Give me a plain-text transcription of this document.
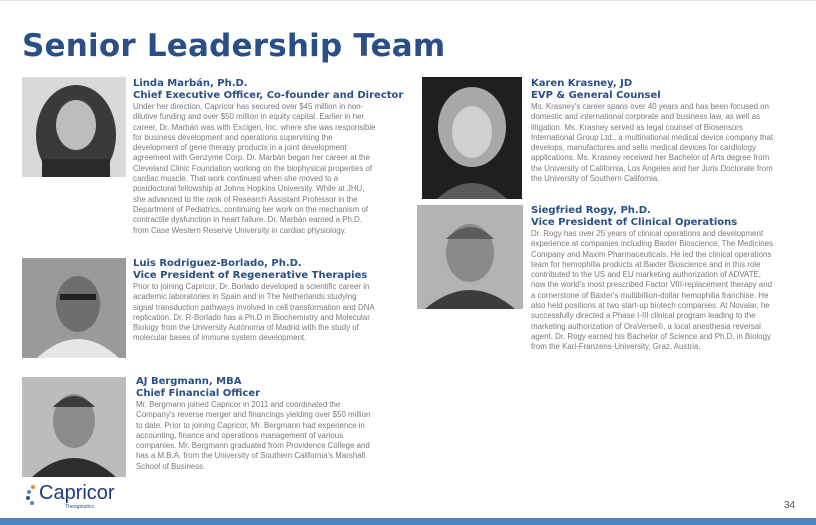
Senior Leadership Team
Linda Marbán, Ph.D.
Chief Executive Officer, Co-founder and Director
Under her direction, Capricor has secured over $45 million in non-
dilutive funding and over $50 million in equity capital. Earlier in her
career, Dr. Marbán was with Excigen, Inc. where she was responsible
for business development and operations supervising the
development of gene therapy products in a joint development
agreement with Genzyme Corp. Dr. Marbán began her career at the
Cleveland Clinic Foundation working on the biophysical properties of
cardiac muscle. That work continued when she moved to a
postdoctoral fellowship at Johns Hopkins University. While at JHU,
she advanced to the rank of Research Assistant Professor in the
Department of Pediatrics, continuing her work on the mechanism of
contractile dysfunction in heart failure. Dr. Marbán earned a Ph.D.
from Case Western Reserve University in cardiac physiology.
Luis Rodriguez-Borlado, Ph.D.
Vice President of Regenerative Therapies
Prior to joining Capricor, Dr. Borlado developed a scientific career in
academic laboratories in Spain and in The Netherlands studying
signal transduction pathways involved in cell transformation and DNA
replication. Dr. R-Borlado has a Ph.D in Biochemistry and Molecular
Biology from the University Autónoma of Madrid with the study of
molecular bases of immune system development.
AJ Bergmann, MBA
Chief Financial Officer
Mr. Bergmann joined Capricor in 2011 and coordinated the
Company's reverse merger and financings yielding over $50 million
to date. Prior to joining Capricor, Mr. Bergmann had experience in
accounting, finance and operations management of various
companies. Mr. Bergmann graduated from Providence College and
has a M.B.A. from the University of Southern California's Marshall
School of Business.
Karen Krasney, JD
EVP & General Counsel
Ms. Krasney's career spans over 40 years and has been focused on
domestic and international corporate and business law, as well as
litigation. Ms. Krasney served as legal counsel of Biosensors
International Group Ltd., a multinational medical device company that
develops, manufactures and sells medical devices for cardiology
applications. Ms. Krasney received her Bachelor of Arts degree from
the University of California, Los Angeles and her Juris Doctorate from
the University of Southern California.
Siegfried Rogy, Ph.D.
Vice President of Clinical Operations
Dr. Rogy has over 25 years of clinical operations and development
experience at companies including Baxter Bioscience, The Medicines
Company and Maxim Pharmaceuticals. He led the clinical operations
team for hemophilia products at Baxter Bioscience and in this role
contributed to the US and EU marketing authorization of ADVATE,
now the world's most prescribed Factor VIII-replacement therapy and
a cornerstone of Baxter's multibillion-dollar hemophilia franchise. He
also held positions at two start-up biotech companies. At Novalar, he
successfully directed a Phase I-III clinical program leading to the
marketing authorization of OraVerse®, a local anesthesia reversal
agent. Dr. Rogy earned his Bachelor of Science and Ph.D. in Biology
from the Karl-Franzens-University, Graz, Austria.
Capricor
Therapeutics	34
